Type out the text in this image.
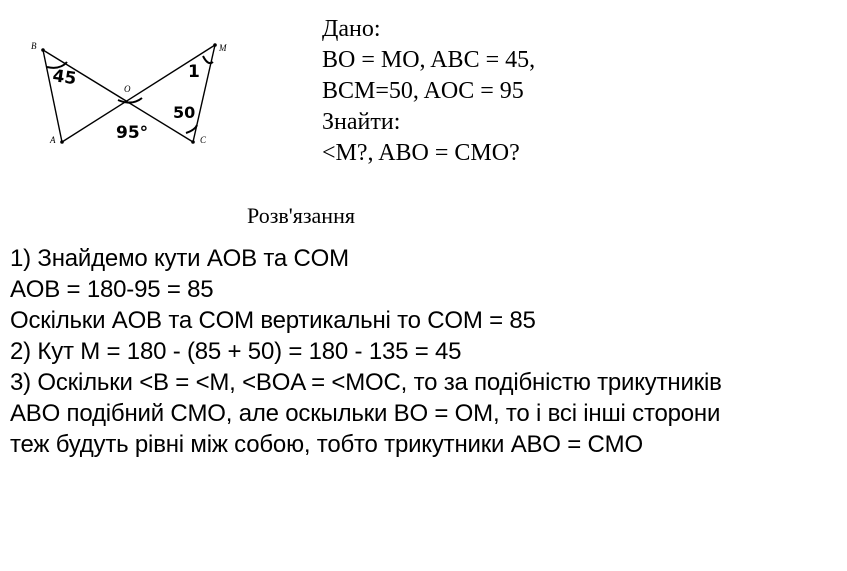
B
A
O
M
C
45	1
50
95°
Дано:
BO = MO, ABC = 45,
BCM=50, AOC = 95
Знайти:
<M?, ABO = CMO?
Розв'язання
1) Знайдемо кути AOB та COM
AOB = 180-95 = 85
Оскільки AOB та COM вертикальні то COM = 85
2) Кут M = 180 - (85 + 50) = 180 - 135 = 45
3) Оскільки <B = <M, <BOA = <MOC, то за подібністю трикутників
ABO подібний CMO, але оскыльки BO = OM, то і всі інші сторони
теж будуть рівні між собою, тобто трикутники ABO = CMO
